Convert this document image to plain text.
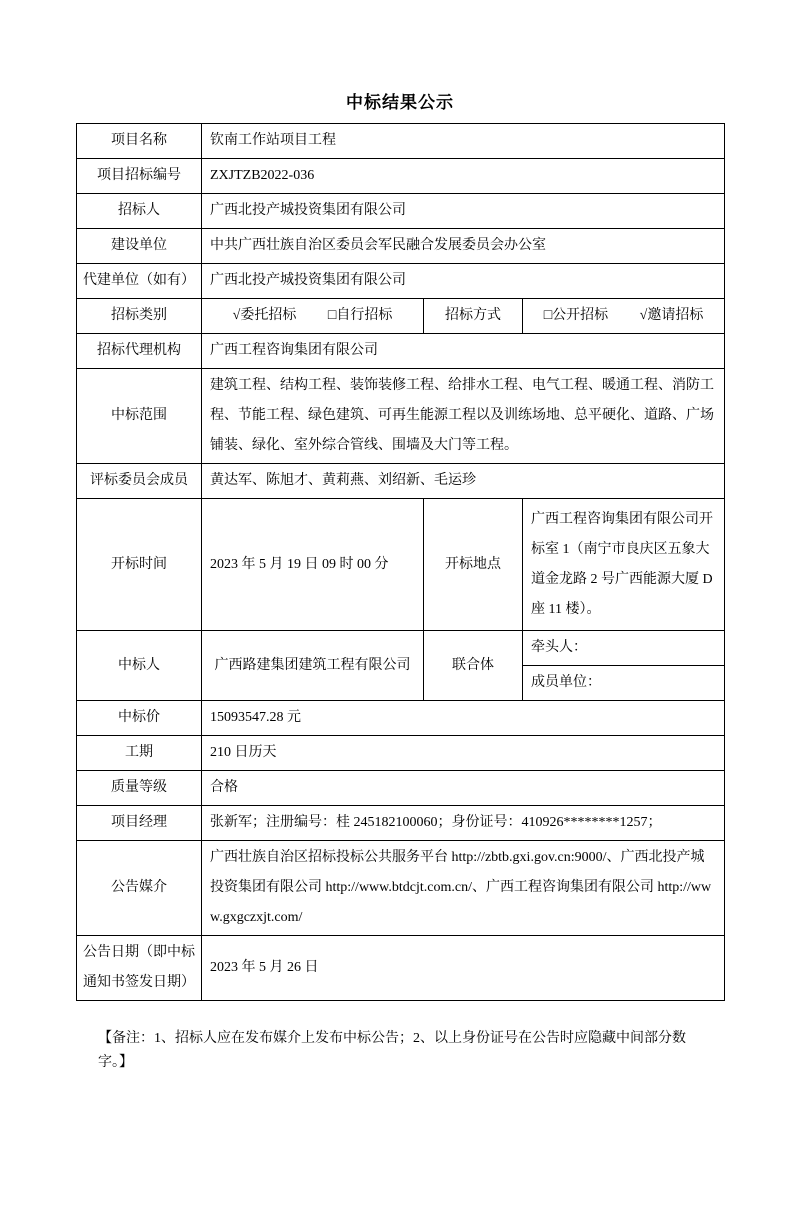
中标结果公示
项目名称	钦南工作站项目工程		
项目招标编号	ZXJTZB2022-036		
招标人	广西北投产城投资集团有限公司		
建设单位	中共广西壮族自治区委员会军民融合发展委员会办公室		
代建单位（如有）	广西北投产城投资集团有限公司		
招标类别	√委托招标 □自行招标	招标方式	□公开招标 √邀请招标
招标代理机构	广西工程咨询集团有限公司		
中标范围	建筑工程、结构工程、装饰装修工程、给排水工程、电气工程、暖通工程、消防工程、节能工程、绿色建筑、可再生能源工程以及训练场地、总平硬化、道路、广场铺装、绿化、室外综合管线、围墙及大门等工程。		
评标委员会成员	黄达军、陈旭才、黄莉燕、刘绍新、毛运珍		
开标时间	2023 年 5 月 19 日 09 时 00 分	开标地点	广西工程咨询集团有限公司开标室 1（南宁市良庆区五象大道金龙路 2 号广西能源大厦 D 座 11 楼）。
中标人	广西路建集团建筑工程有限公司	联合体	牵头人：
			成员单位：
中标价	15093547.28 元		
工期	210 日历天		
质量等级	合格		
项目经理	张新军；注册编号：桂 245182100060；身份证号：410926********1257；		
公告媒介	广西壮族自治区招标投标公共服务平台 http://zbtb.gxi.gov.cn:9000/、广西北投产城投资集团有限公司 http://www.btdcjt.com.cn/、广西工程咨询集团有限公司 http://www.gxgczxjt.com/		
公告日期（即中标通知书签发日期）	2023 年 5 月 26 日		

【备注：1、招标人应在发布媒介上发布中标公告；2、以上身份证号在公告时应隐藏中间部分数字。】
